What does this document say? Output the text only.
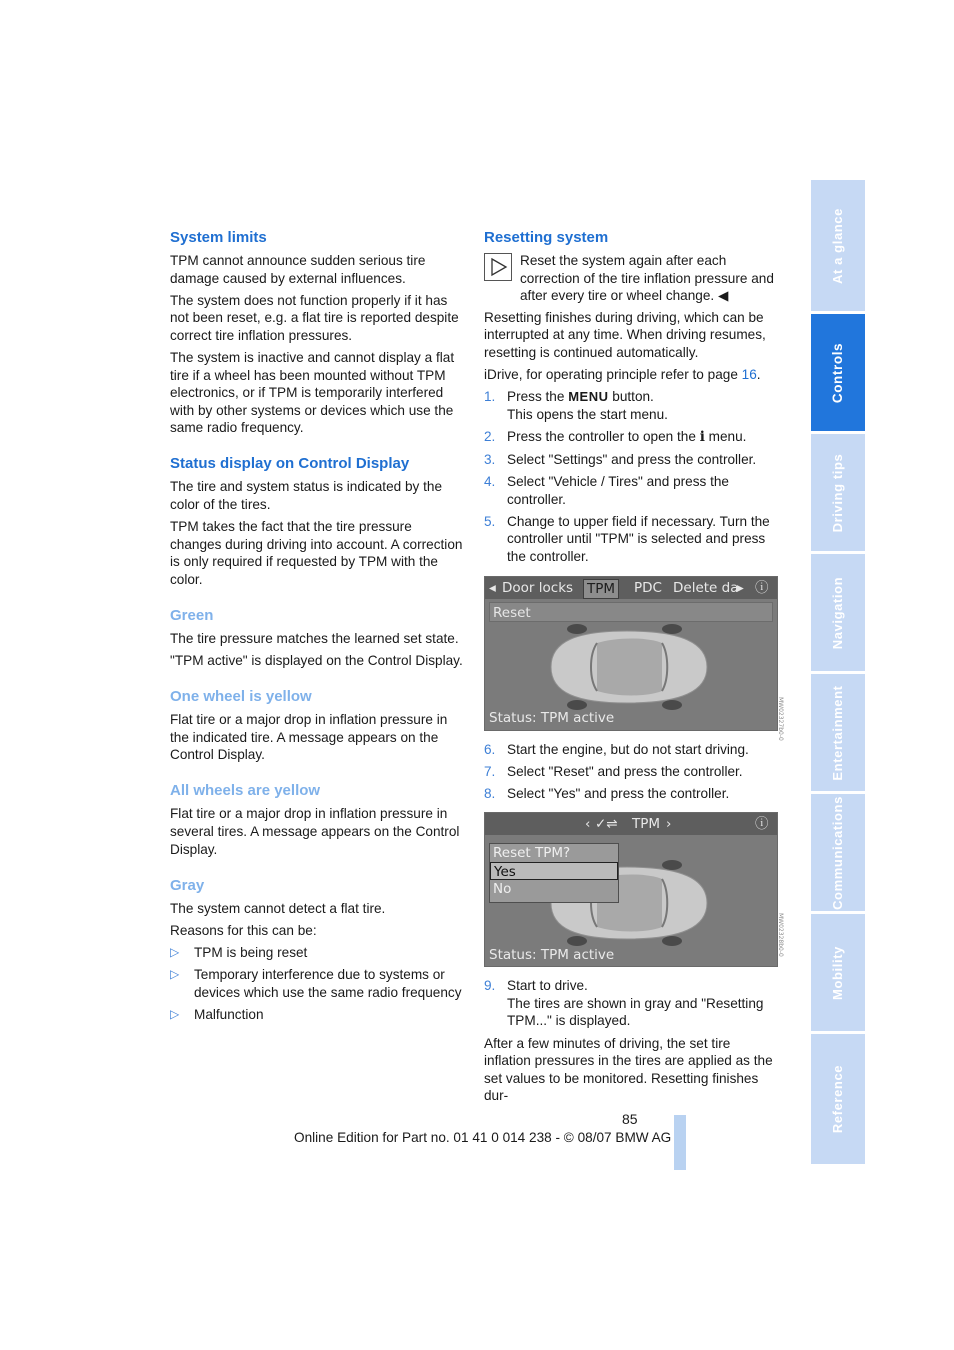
System limits

TPM cannot announce sudden serious tire damage caused by external influences.

The system does not function properly if it has not been reset, e.g. a flat tire is reported despite correct tire inflation pressures.

The system is inactive and cannot display a flat tire if a wheel has been mounted without TPM electronics, or if TPM is temporarily interfered with by other systems or devices which use the same radio frequency.

Status display on Control Display

The tire and system status is indicated by the color of the tires.

TPM takes the fact that the tire pressure changes during driving into account. A correction is only required if requested by TPM with the color.

Green

The tire pressure matches the learned set state.

"TPM active" is displayed on the Control Display.

One wheel is yellow

Flat tire or a major drop in inflation pressure in the indicated tire. A message appears on the Control Display.

All wheels are yellow

Flat tire or a major drop in inflation pressure in several tires. A message appears on the Control Display.

Gray

The system cannot detect a flat tire.

Reasons for this can be:

▷ TPM is being reset
▷ Temporary interference due to systems or devices which use the same radio frequency
▷ Malfunction
Resetting system
Reset the system again after each correction of the tire inflation pressure and after every tire or wheel change. ◀

Resetting finishes during driving, which can be interrupted at any time. When driving resumes, resetting is continued automatically.

iDrive, for operating principle refer to page 16.

1. Press the MENU button.
This opens the start menu.
2. Press the controller to open the i menu.
3. Select "Settings" and press the controller.
4. Select "Vehicle / Tires" and press the controller.
5. Change to upper field if necessary. Turn the controller until "TPM" is selected and press the controller.
◂ Door locks TPM PDC Delete da
▸ ⓘ
Reset
Status: TPM active	MW02327b0-0
6. Start the engine, but do not start driving.
7. Select "Reset" and press the controller.
8. Select "Yes" and press the controller.
‹ ✓⇌ TPM ›	ⓘ
Reset TPM?
Yes
No
Status: TPM active	MW02328b0-0
9. Start to drive.
The tires are shown in gray and "Resetting TPM..." is displayed.

After a few minutes of driving, the set tire inflation pressures in the tires are applied as the set values to be monitored. Resetting finishes dur-

At a glance
Controls
Driving tips
Navigation
Entertainment
Communications
Mobility
Reference
85
Online Edition for Part no. 01 41 0 014 238 - © 08/07 BMW AG
